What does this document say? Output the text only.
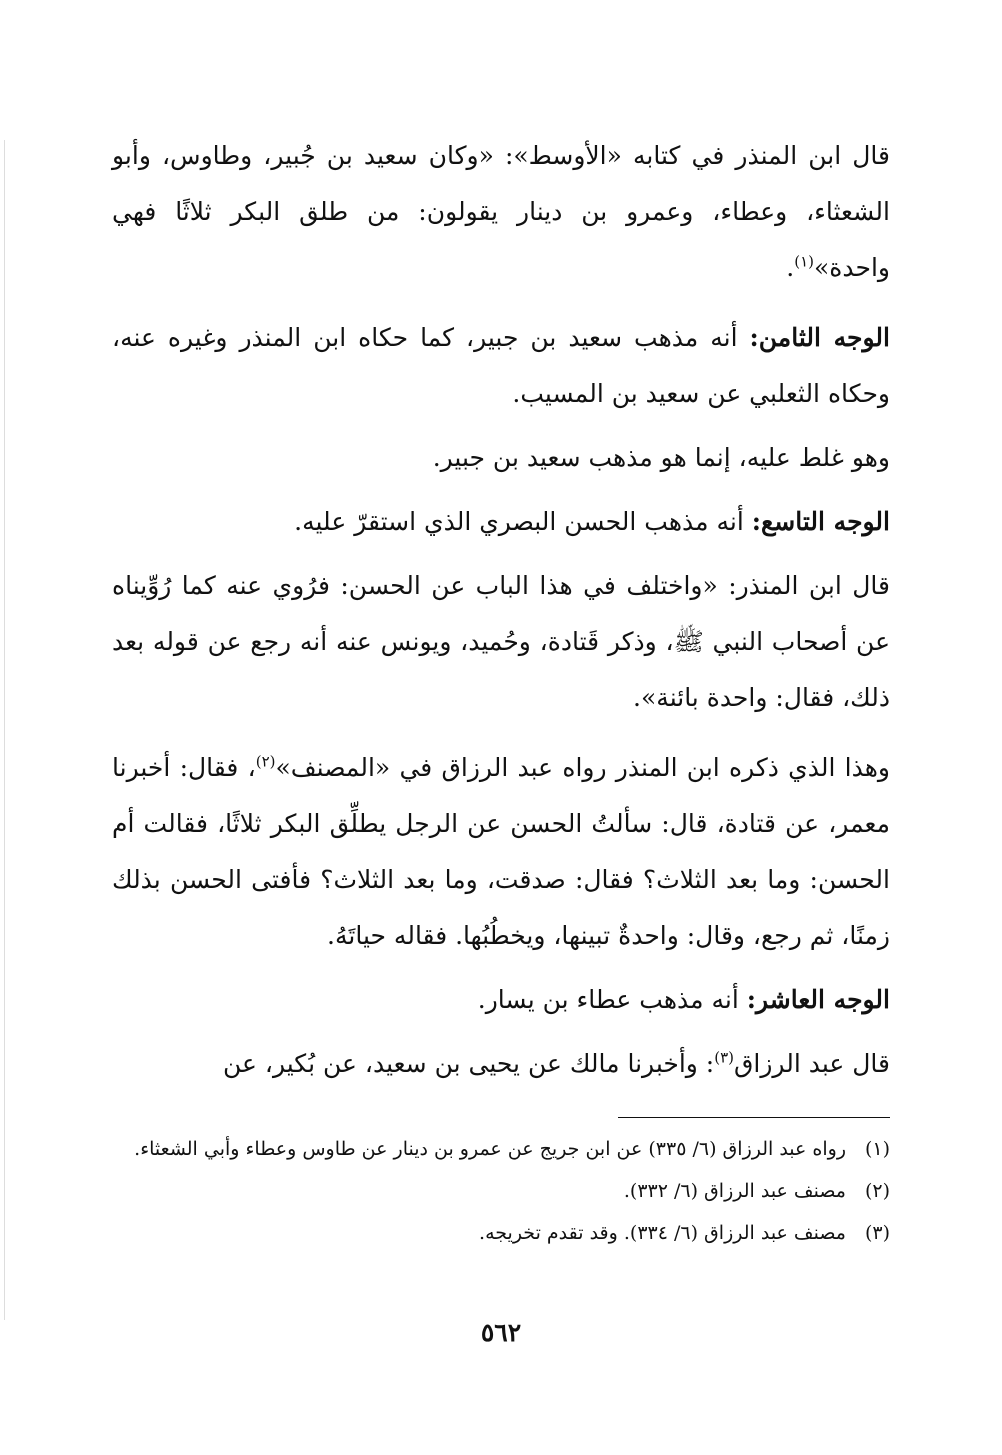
قال ابن المنذر في كتابه «الأوسط»: «وكان سعيد بن جُبير، وطاوس، وأبو الشعثاء، وعطاء، وعمرو بن دينار يقولون: من طلق البكر ثلاثًا فهي واحدة»$^{(١)}$.

الوجه الثامن: أنه مذهب سعيد بن جبير، كما حكاه ابن المنذر وغيره عنه، وحكاه الثعلبي عن سعيد بن المسيب.

وهو غلط عليه، إنما هو مذهب سعيد بن جبير.

الوجه التاسع: أنه مذهب الحسن البصري الذي استقرّ عليه.

قال ابن المنذر: «واختلف في هذا الباب عن الحسن: فرُوي عنه كما رُوِّيناه عن أصحاب النبي ﷺ، وذكر قَتادة، وحُميد، ويونس عنه أنه رجع عن قوله بعد ذلك، فقال: واحدة بائنة».

وهذا الذي ذكره ابن المنذر رواه عبد الرزاق في «المصنف»$^{(٢)}$، فقال: أخبرنا معمر، عن قتادة، قال: سألتُ الحسن عن الرجل يطلِّق البكر ثلاثًا، فقالت أم الحسن: وما بعد الثلاث؟ فقال: صدقت، وما بعد الثلاث؟ فأفتى الحسن بذلك زمنًا، ثم رجع، وقال: واحدةٌ تبينها، ويخطُبُها. فقاله حياتَهُ.

الوجه العاشر: أنه مذهب عطاء بن يسار.

قال عبد الرزاق$^{(٣)}$: وأخبرنا مالك عن يحيى بن سعيد، عن بُكير، عن

(١)
رواه عبد الرزاق (٦/ ٣٣٥) عن ابن جريج عن عمرو بن دينار عن طاوس وعطاء وأبي الشعثاء.
(٢)
مصنف عبد الرزاق (٦/ ٣٣٢).
(٣)
مصنف عبد الرزاق (٦/ ٣٣٤). وقد تقدم تخريجه.
٥٦٢
